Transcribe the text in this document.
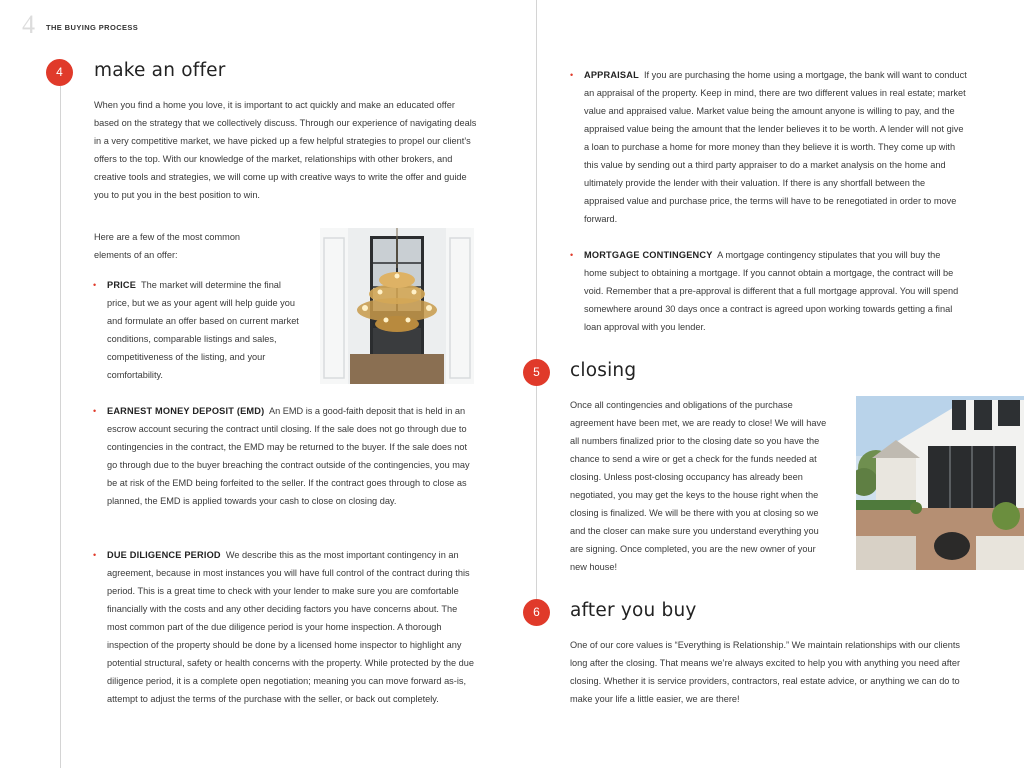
4 THE BUYING PROCESS
4	make an offer

When you find a home you love, it is important to act quickly and make an educated offer based on the strategy that we collectively discuss. Through our experience of navigating deals in a very competitive market, we have picked up a few helpful strategies to propel our client’s offers to the top. With our knowledge of the market, relationships with other brokers, and creative tools and strategies, we will come up with creative ways to write the offer and guide you to put you in the best position to win.

Here are a few of the most common elements of an offer:

• PRICE The market will determine the final price, but we as your agent will help guide you and formulate an offer based on current market conditions, comparable listings and sales, competitiveness of the listing, and your comfortability.
• EARNEST MONEY DEPOSIT (EMD) An EMD is a good-faith deposit that is held in an escrow account securing the contract until closing. If the sale does not go through due to contingencies in the contract, the EMD may be returned to the buyer. If the sale does not go through due to the buyer breaching the contract outside of the contingencies, you may be at risk of the EMD being forfeited to the seller. If the contract goes through to close as planned, the EMD is applied towards your cash to close on closing day.
• DUE DILIGENCE PERIOD We describe this as the most important contingency in an agreement, because in most instances you will have full control of the contract during this period. This is a great time to check with your lender to make sure you are comfortable financially with the costs and any other deciding factors you have concerns about. The most common part of the due diligence period is your home inspection. A thorough inspection of the property should be done by a licensed home inspector to highlight any potential structural, safety or health concerns with the property. While protected by the due diligence period, it is a complete open negotiation; meaning you can move forward as-is, attempt to adjust the terms of the purchase with the seller, or back out completely.
• APPRAISAL If you are purchasing the home using a mortgage, the bank will want to conduct an appraisal of the property. Keep in mind, there are two different values in real estate; market value and appraised value. Market value being the amount anyone is willing to pay, and the appraised value being the amount that the lender believes it to be worth. A lender will not give a loan to purchase a home for more money than they believe it is worth. They come up with this value by sending out a third party appraiser to do a market analysis on the home and ultimately provide the lender with their valuation. If there is any shortfall between the appraised value and purchase price, the terms will have to be renegotiated in order to move forward.
• MORTGAGE CONTINGENCY A mortgage contingency stipulates that you will buy the home subject to obtaining a mortgage. If you cannot obtain a mortgage, the contract will be void. Remember that a pre-approval is different that a full mortgage approval. You will spend somewhere around 30 days once a contract is agreed upon working towards getting a final loan approval with you lender.
5	closing

Once all contingencies and obligations of the purchase agreement have been met, we are ready to close! We will have all numbers finalized prior to the closing date so you have the chance to send a wire or get a check for the funds needed at closing. Unless post-closing occupancy has already been negotiated, you may get the keys to the house right when the closing is finalized. We will be there with you at closing so we and the closer can make sure you understand everything you are signing. Once completed, you are the new owner of your new house!

6	after you buy

One of our core values is “Everything is Relationship.” We maintain relationships with our clients long after the closing. That means we’re always excited to help you with anything you need after closing. Whether it is service providers, contractors, real estate advice, or anything we can do to make your life a little easier, we are there!
